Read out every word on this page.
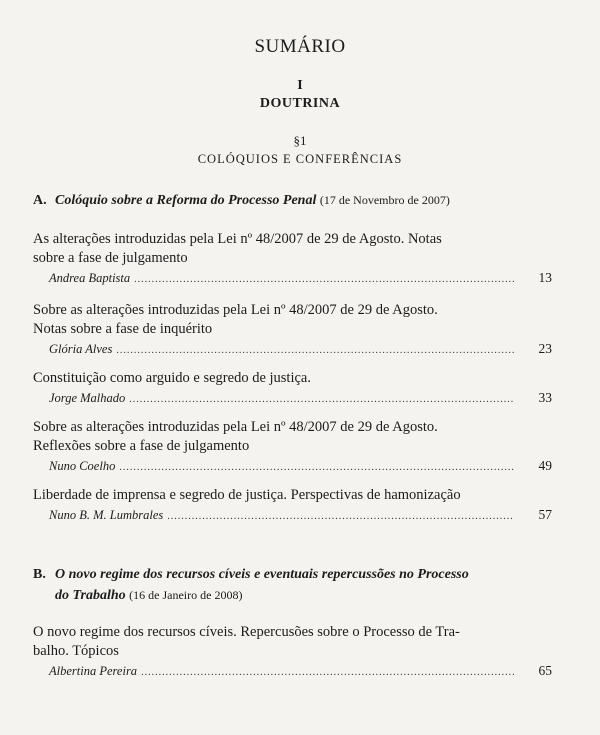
SUMÁRIO
I
DOUTRINA
§1
COLÓQUIOS E CONFERÊNCIAS
A. Colóquio sobre a Reforma do Processo Penal (17 de Novembro de 2007)
As alterações introduzidas pela Lei nº 48/2007 de 29 de Agosto. Notas
sobre a fase de julgamento
Andrea Baptista .....	13
Sobre as alterações introduzidas pela Lei nº 48/2007 de 29 de Agosto.
Notas sobre a fase de inquérito
Glória Alves .....	23
Constituição como arguido e segredo de justiça.
Jorge Malhado .....	33
Sobre as alterações introduzidas pela Lei nº 48/2007 de 29 de Agosto.
Reflexões sobre a fase de julgamento
Nuno Coelho .....	49
Liberdade de imprensa e segredo de justiça. Perspectivas de hamonização
Nuno B. M. Lumbrales .....	57
B. O novo regime dos recursos cíveis e eventuais repercussões no Processo
do Trabalho (16 de Janeiro de 2008)
O novo regime dos recursos cíveis. Repercusões sobre o Processo de Tra-
balho. Tópicos
Albertina Pereira .....	65
